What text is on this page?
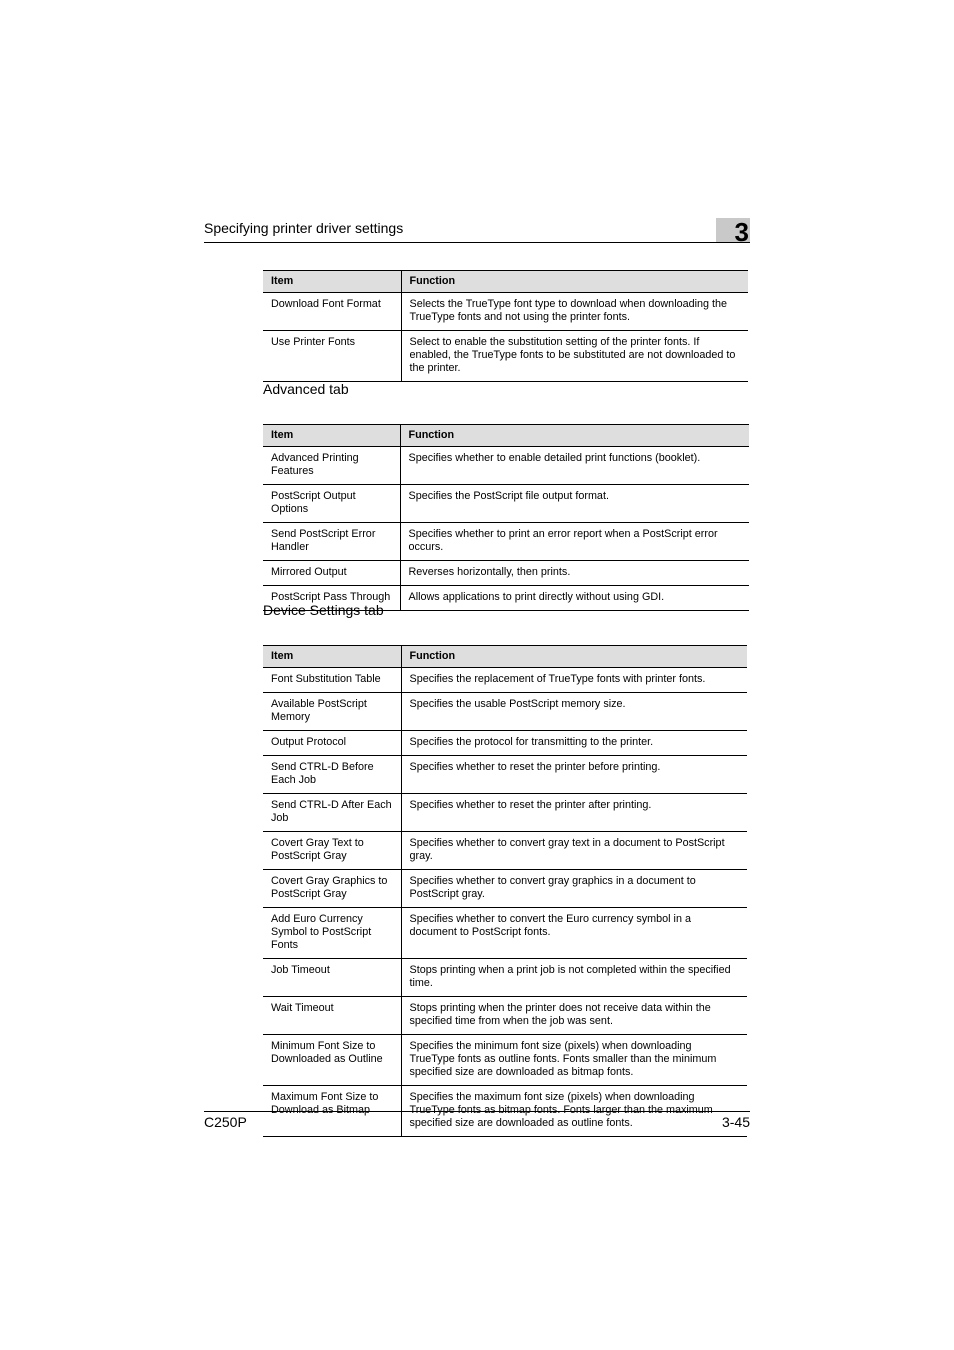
Specifying printer driver settings	3
Item	Function
Download Font Format	Selects the TrueType font type to download when downloading the TrueType fonts and not using the printer fonts.
Use Printer Fonts	Select to enable the substitution setting of the printer fonts. If enabled, the TrueType fonts to be substituted are not downloaded to the printer.
Advanced tab
Item	Function
Advanced Printing Features	Specifies whether to enable detailed print functions (booklet).
PostScript Output Options	Specifies the PostScript file output format.
Send PostScript Error Handler	Specifies whether to print an error report when a PostScript error occurs.
Mirrored Output	Reverses horizontally, then prints.
PostScript Pass Through	Allows applications to print directly without using GDI.
Device Settings tab
Item	Function
Font Substitution Table	Specifies the replacement of TrueType fonts with printer fonts.
Available PostScript Memory	Specifies the usable PostScript memory size.
Output Protocol	Specifies the protocol for transmitting to the printer.
Send CTRL-D Before Each Job	Specifies whether to reset the printer before printing.
Send CTRL-D After Each Job	Specifies whether to reset the printer after printing.
Covert Gray Text to PostScript Gray	Specifies whether to convert gray text in a document to PostScript gray.
Covert Gray Graphics to PostScript Gray	Specifies whether to convert gray graphics in a document to PostScript gray.
Add Euro Currency Symbol to PostScript Fonts	Specifies whether to convert the Euro currency symbol in a document to PostScript fonts.
Job Timeout	Stops printing when a print job is not completed within the specified time.
Wait Timeout	Stops printing when the printer does not receive data within the specified time from when the job was sent.
Minimum Font Size to Downloaded as Outline	Specifies the minimum font size (pixels) when downloading TrueType fonts as outline fonts. Fonts smaller than the minimum specified size are downloaded as bitmap fonts.
Maximum Font Size to Download as Bitmap	Specifies the maximum font size (pixels) when downloading TrueType fonts as bitmap fonts. Fonts larger than the maximum specified size are downloaded as outline fonts.
C250P	3-45
